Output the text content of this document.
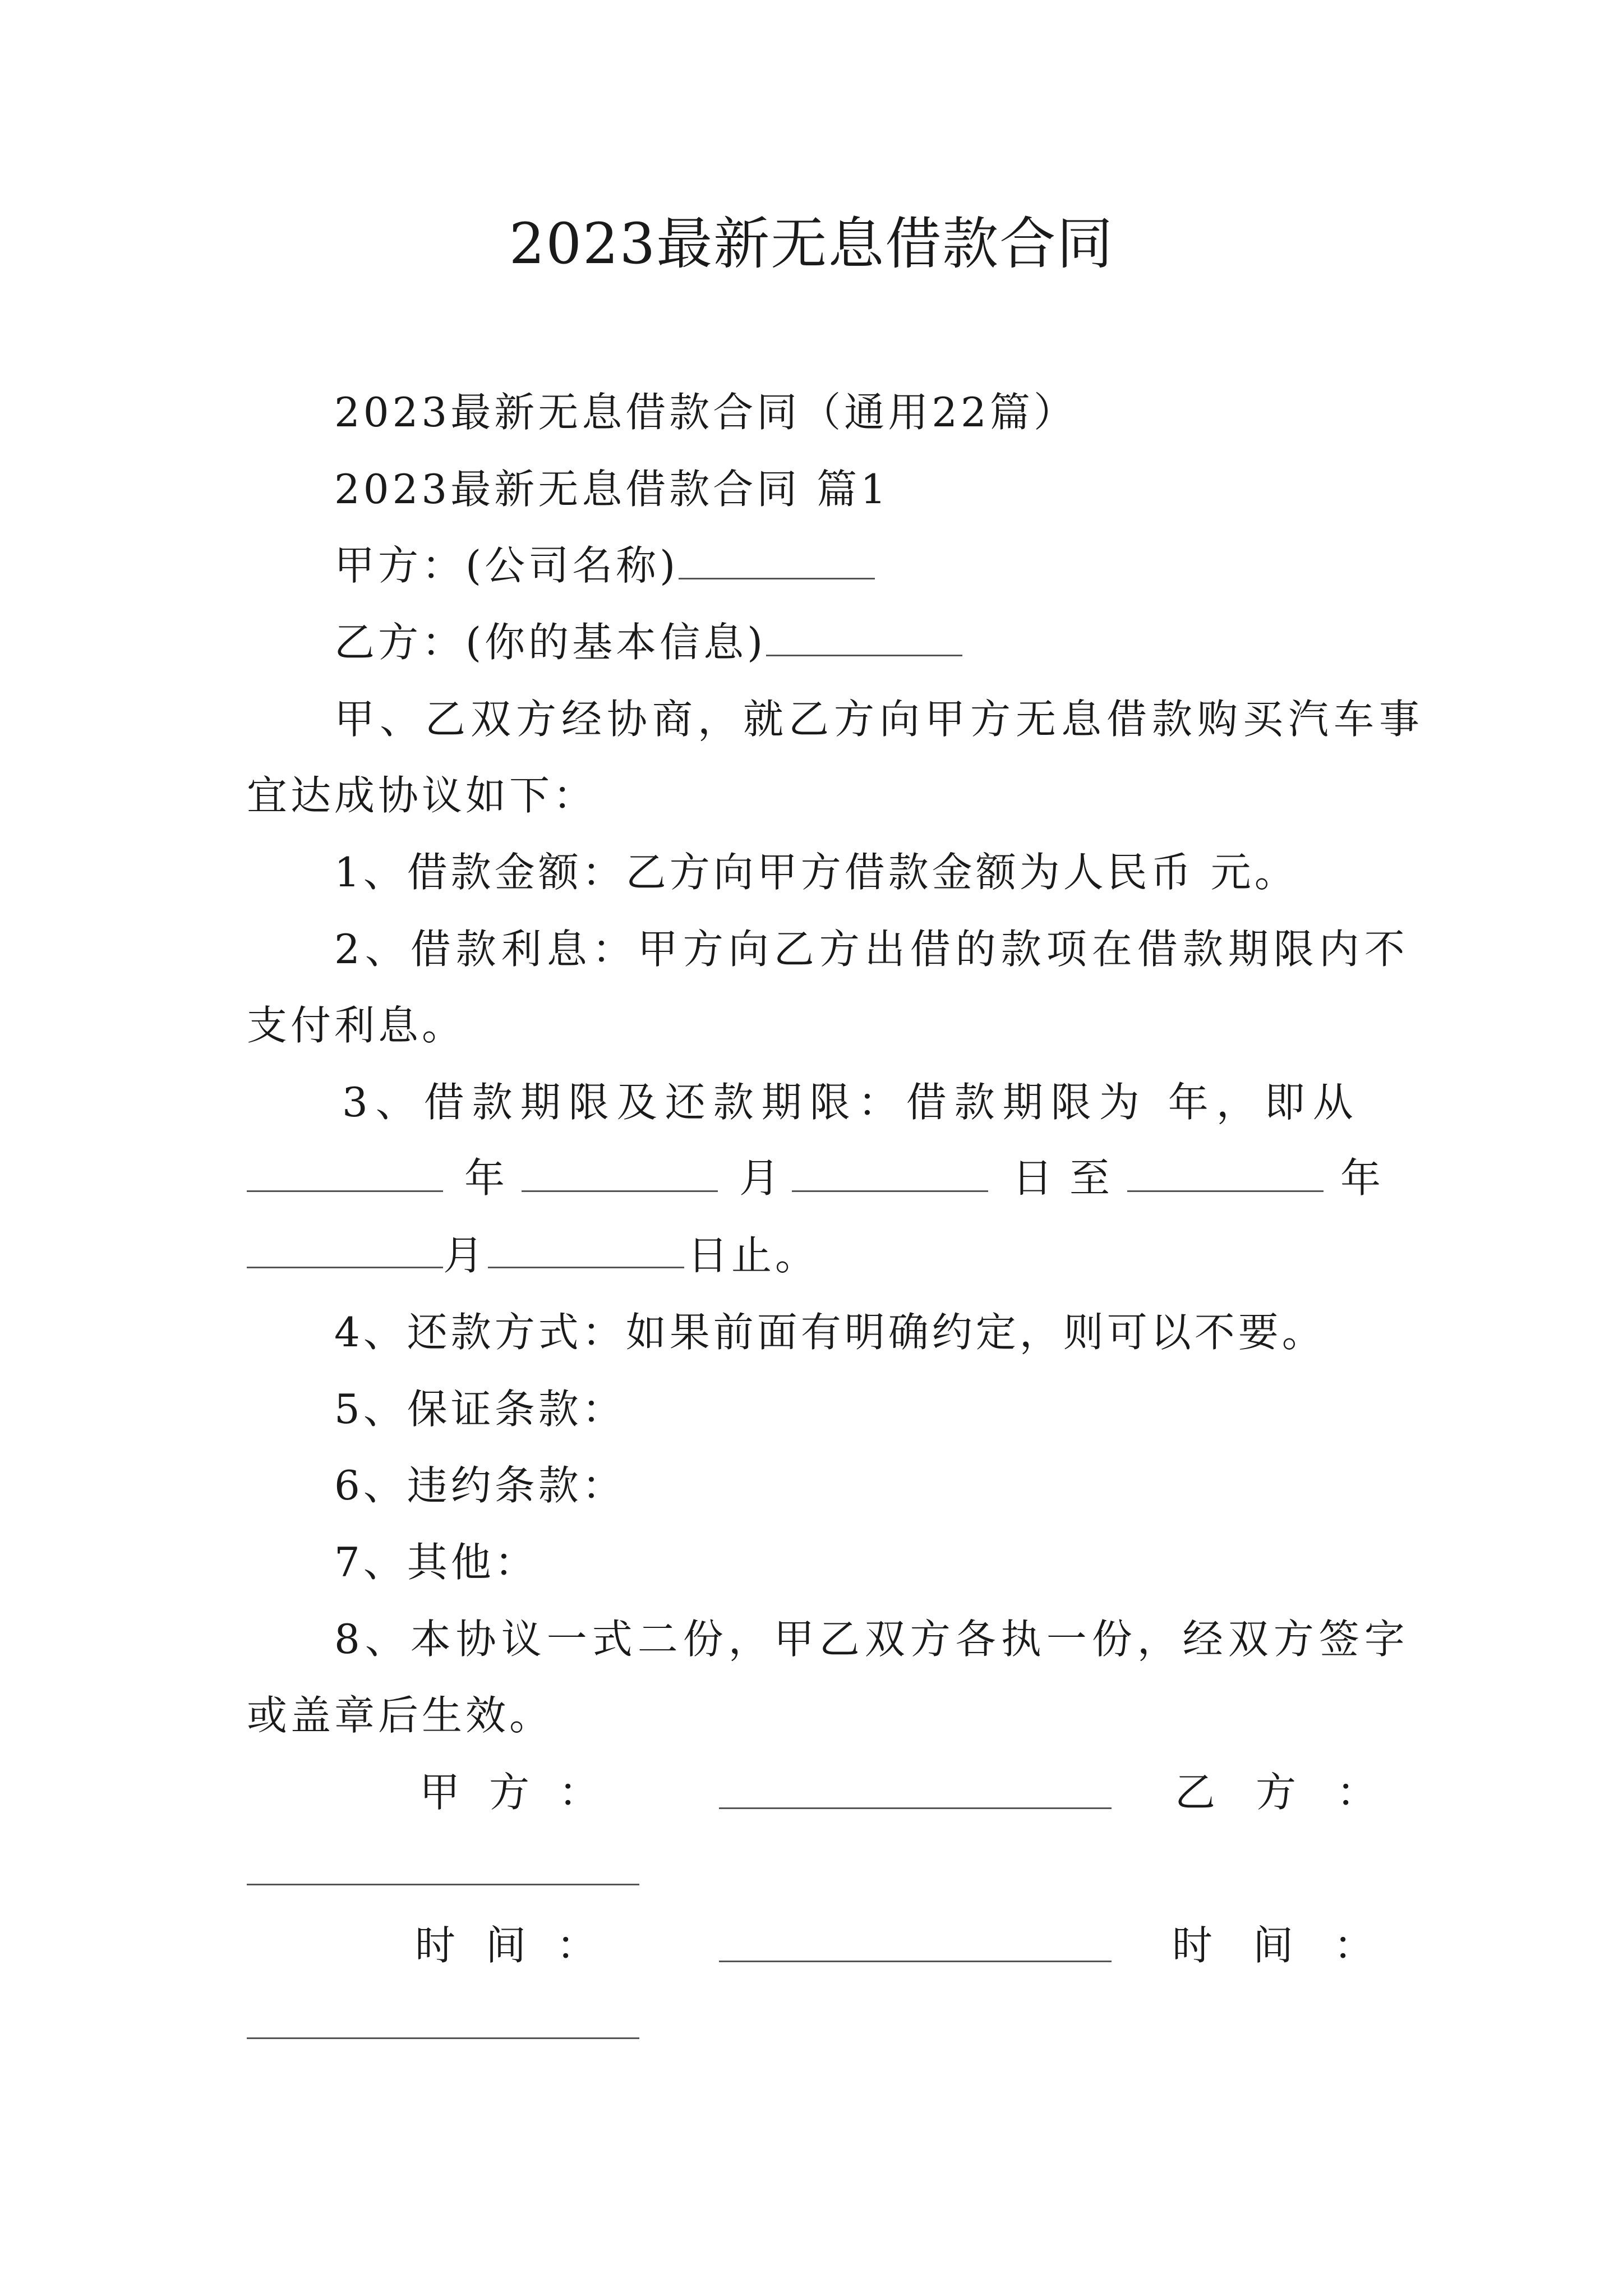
2023最新无息借款合同
2023最新无息借款合同（通用22篇）
2023最新无息借款合同 篇1
甲方：(公司名称)
乙方：(你的基本信息)
甲、乙双方经协商，就乙方向甲方无息借款购买汽车事
宜达成协议如下：
1、借款金额：乙方向甲方借款金额为人民币 元。
2、借款利息：甲方向乙方出借的款项在借款期限内不
支付利息。
3、借款期限及还款期限：借款期限为 年，即从
年	月	日至	年
月	日止。
4、还款方式：如果前面有明确约定，则可以不要。
5、保证条款：
6、违约条款：
7、其他：
8、本协议一式二份，甲乙双方各执一份，经双方签字
或盖章后生效。
甲方：	乙方：
时间：	时间：
